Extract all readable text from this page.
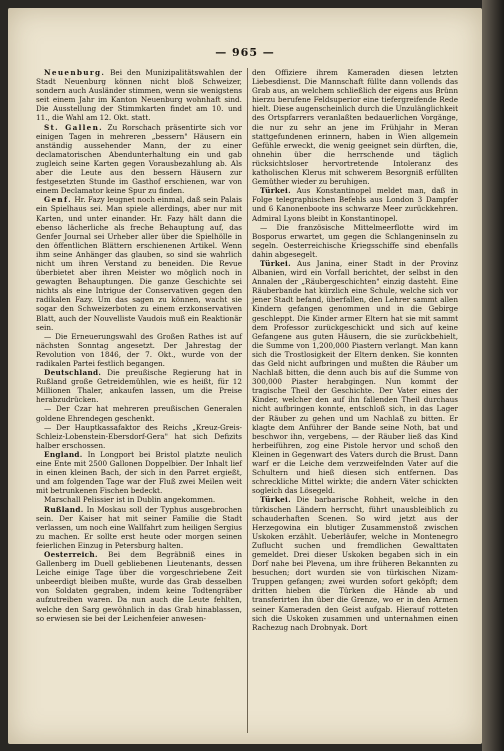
— 965 —

Neuenburg. Bei den Munizipalitätswahlen der Stadt Neuenburg können nicht bloß Schweizer, sondern auch Ausländer stimmen, wenn sie wenigstens seit einem Jahr im Kanton Neuenburg wohnhaft sind. Die Ausstellung der Stimmkarten findet am 10. und 11., die Wahl am 12. Okt. statt.

St. Gallen. Zu Rorschach präsentirte sich vor einigen Tagen in mehreren „bessern" Häusern ein anständig aussehender Mann, der zu einer declamatorischen Abendunterhaltung ein und gab zugleich seine Karten gegen Vorausbezahlung ab. Als aber die Leute aus den bessern Häusern zur festgesetzten Stunde im Gasthof erschienen, war von einem Declamator keine Spur zu finden.

Genf. Hr. Fazy leugnet noch einmal, daß sein Palais ein Spielhaus sei. Man spiele allerdings, aber nur mit Karten, und unter einander. Hr. Fazy hält dann die ebenso lächerliche als freche Behauptung auf, das Genfer Journal sei Urheber aller über die Spielhölle in den öffentlichen Blättern erschienenen Artikel. Wenn ihm seine Anhänger das glauben, so sind sie wahrlich nicht um ihren Verstand zu beneiden. Die Revue überbietet aber ihren Meister wo möglich noch in gewagten Behauptungen. Die ganze Geschichte sei nichts als eine Intrigue der Conservativen gegen den radikalen Fazy. Um das sagen zu können, wacht sie sogar den Schweizerboten zu einem erzkonservativen Blatt, auch der Nouvelliste Vaudois muß ein Reaktionär sein.

— Die Erneuerungswahl des Großen Rathes ist auf nächsten Sonntag angesetzt. Der Jahrestag der Revolution von 1846, der 7. Okt., wurde von der radikalen Partei festlich begangen.

Deutschland. Die preußische Regierung hat in Rußland große Getreidemühlen, wie es heißt, für 12 Millionen Thaler, ankaufen lassen, um die Preise herabzudrücken.

— Der Czar hat mehreren preußischen Generalen goldene Ehrendegen geschenkt.

— Der Hauptkassafaktor des Reichs „Kreuz-Greis-Schleiz-Lobenstein-Ebersdorf-Gera" hat sich Defizits halber erschossen.

England. In Longport bei Bristol platzte neulich eine Ente mit 2500 Gallonen Doppelbier. Der Inhalt lief in einen kleinen Bach, der sich in den Parret ergießt, und am folgenden Tage war der Fluß zwei Meilen weit mit betrunkenen Fischen bedeckt.

Marschall Pelissier ist in Dublin angekommen.

Rußland. In Moskau soll der Typhus ausgebrochen sein. Der Kaiser hat mit seiner Familie die Stadt verlassen, um noch eine Wallfahrt zum heiligen Sergius zu machen. Er sollte erst heute oder morgen seinen feierlichen Einzug in Petersburg halten.

Oesterreich. Bei dem Begräbniß eines in Gallenberg im Duell gebliebenen Lieutenants, dessen Leiche einige Tage über die vorgeschriebene Zeit unbeerdigt bleiben mußte, wurde das Grab desselben von Soldaten gegraben, indem keine Todtengräber aufzutreiben waren. Da nun auch die Leute fehlten, welche den Sarg gewöhnlich in das Grab hinablassen, so erwiesen sie bei der Leichenfeier anwesen-

den Offiziere ihrem Kameraden diesen letzten Liebesdienst. Die Mannschaft füllte dann vollends das Grab aus, an welchem schließlich der eigens aus Brünn hierzu berufene Feldsuperior eine tiefergreifende Rede hielt. Diese augenscheinlich durch die Unzulänglichkeit des Ortspfarrers veranlaßten bedauerlichen Vorgänge, die nur zu sehr an jene im Frühjahr in Meran stattgefundenen erinnern, haben in Wien allgemein Gefühle erweckt, die wenig geeignet sein dürften, die, ohnehin über die herrschende und täglich rücksichtsloser hervortretende Intoleranz des katholischen Klerus mit schwerem Besorgniß erfüllten Gemüther wieder zu beruhigen.

Türkei. Aus Konstantinopel meldet man, daß in Folge telegraphischen Befehls aus London 3 Dampfer und 6 Kanonenboote ins schwarze Meer zurückkehren. Admiral Lyons bleibt in Konstantinopel.

— Die französische Mittelmeerflotte wird im Bosporus erwartet, um gegen die Schlangeninseln zu segeln. Oesterreichische Kriegsschiffe sind ebenfalls dahin abgesegelt.

Türkei. Aus Janina, einer Stadt in der Provinz Albanien, wird ein Vorfall berichtet, der selbst in den Annalen der „Räubergeschichten" einzig dasteht. Eine Räuberbande hat kürzlich eine Schule, welche sich vor jener Stadt befand, überfallen, den Lehrer sammt allen Kindern gefangen genommen und in die Gebirge geschleppt. Die Kinder armer Eltern hat sie mit sammt dem Professor zurückgeschickt und sich auf keine Gefangene aus guten Häusern, die sie zurückbehielt, die Summe von 1,200,000 Piastern verlangt. Man kann sich die Trostlosigkeit der Eltern denken. Sie konnten das Geld nicht aufbringen und mußten die Räuber um Nachlaß bitten, die denn auch bis auf die Summe von 300,000 Piaster herabgingen. Nun kommt der tragische Theil der Geschichte. Der Vater eines der Kinder, welcher den auf ihn fallenden Theil durchaus nicht aufbringen konnte, entschloß sich, in das Lager der Räuber zu gehen und um Nachlaß zu bitten. Er klagte dem Anführer der Bande seine Noth, bat und beschwor ihn, vergebens, — der Räuber ließ das Kind herbeiführen, zog eine Pistole hervor und schoß den Kleinen in Gegenwart des Vaters durch die Brust. Dann warf er die Leiche dem verzweifelnden Vater auf die Schultern und hieß diesen sich entfernen. Das schreckliche Mittel wirkte; die andern Väter schickten sogleich das Lösegeld.

Türkei. Die barbarische Rohheit, welche in den türkischen Ländern herrscht, führt unausbleiblich zu schauderhaften Scenen. So wird jetzt aus der Herzegowina ein blutiger Zusammenstoß zwischen Uskoken erzählt. Ueberläufer, welche in Montenegro Zuflucht suchen und fremdlichen Gewalttaten gemeldet. Drei dieser Uskoken begaben sich in ein Dorf nahe bei Plevena, um ihre früheren Bekannten zu besuchen; dort wurden sie von türkischen Nizam-Truppen gefangen; zwei wurden sofort geköpft; dem dritten hieben die Türken die Hände ab und transferirten ihn über die Grenze, wo er in den Armen seiner Kameraden den Geist aufgab. Hierauf rotteten sich die Uskoken zusammen und unternahmen einen Rachezug nach Drobnyak. Dort
